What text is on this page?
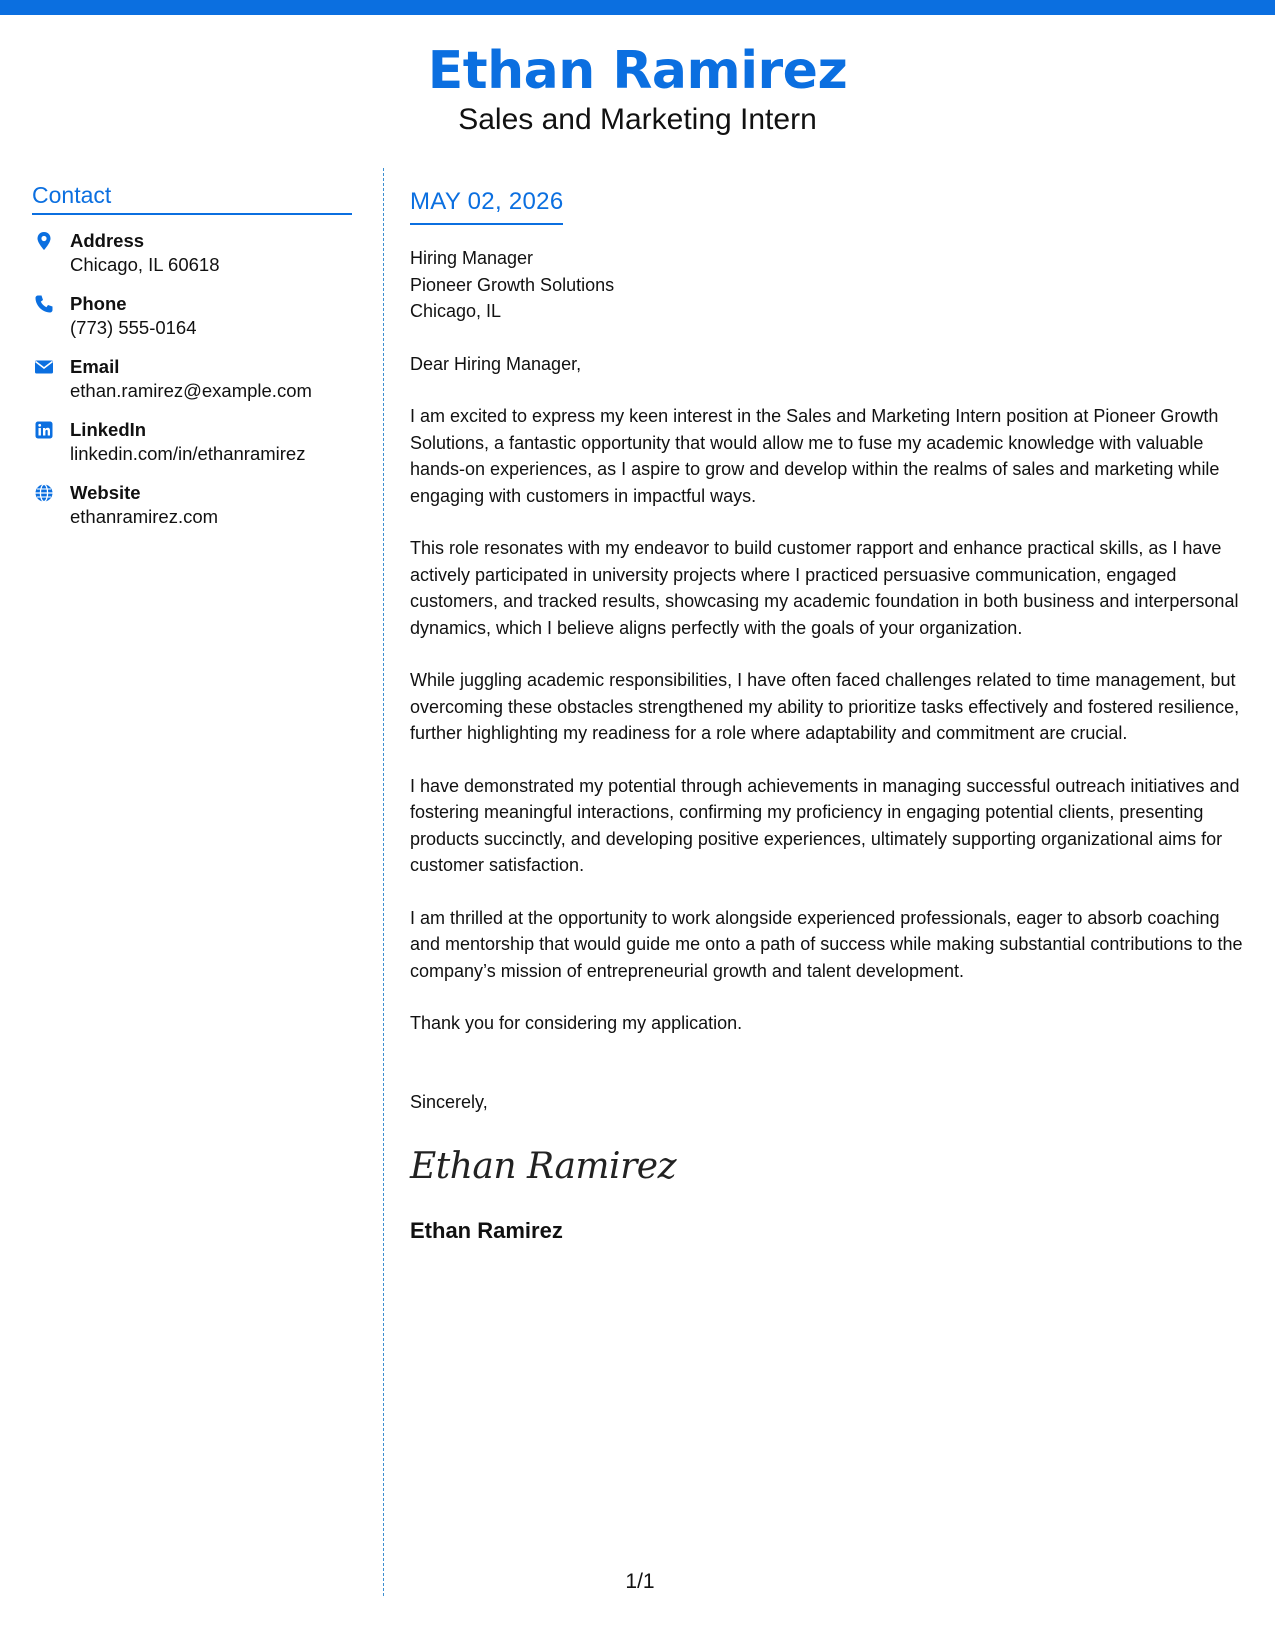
Ethan Ramirez
Sales and Marketing Intern
Contact
Address
Chicago, IL 60618
Phone
(773) 555-0164
Email
ethan.ramirez@example.com
LinkedIn
linkedin.com/in/ethanramirez
Website
ethanramirez.com
MAY 02, 2026
Hiring Manager
Pioneer Growth Solutions
Chicago, IL
Dear Hiring Manager,
I am excited to express my keen interest in the Sales and Marketing Intern position at Pioneer Growth Solutions, a fantastic opportunity that would allow me to fuse my academic knowledge with valuable hands-on experiences, as I aspire to grow and develop within the realms of sales and marketing while engaging with customers in impactful ways.
This role resonates with my endeavor to build customer rapport and enhance practical skills, as I have actively participated in university projects where I practiced persuasive communication, engaged customers, and tracked results, showcasing my academic foundation in both business and interpersonal dynamics, which I believe aligns perfectly with the goals of your organization.
While juggling academic responsibilities, I have often faced challenges related to time management, but overcoming these obstacles strengthened my ability to prioritize tasks effectively and fostered resilience, further highlighting my readiness for a role where adaptability and commitment are crucial.
I have demonstrated my potential through achievements in managing successful outreach initiatives and fostering meaningful interactions, confirming my proficiency in engaging potential clients, presenting products succinctly, and developing positive experiences, ultimately supporting organizational aims for customer satisfaction.
I am thrilled at the opportunity to work alongside experienced professionals, eager to absorb coaching and mentorship that would guide me onto a path of success while making substantial contributions to the company’s mission of entrepreneurial growth and talent development.
Thank you for considering my application.
Sincerely,
Ethan Ramirez
Ethan Ramirez
1/1
